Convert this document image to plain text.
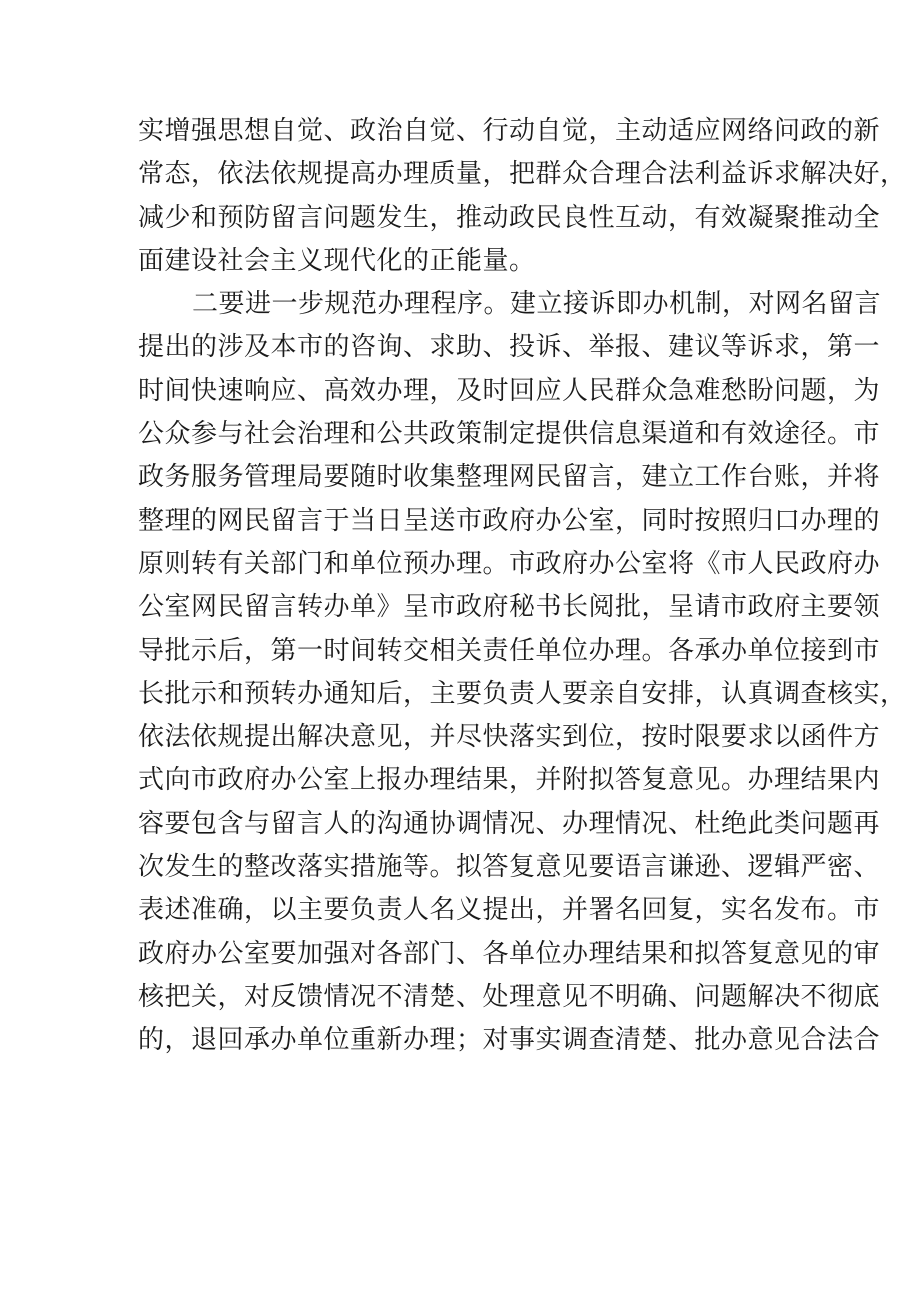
实增强思想自觉、政治自觉、行动自觉，主动适应网络问政的新
常态，依法依规提高办理质量，把群众合理合法利益诉求解决好，
减少和预防留言问题发生，推动政民良性互动，有效凝聚推动全
面建设社会主义现代化的正能量。
二要进一步规范办理程序。建立接诉即办机制，对网名留言
提出的涉及本市的咨询、求助、投诉、举报、建议等诉求，第一
时间快速响应、高效办理，及时回应人民群众急难愁盼问题，为
公众参与社会治理和公共政策制定提供信息渠道和有效途径。市
政务服务管理局要随时收集整理网民留言，建立工作台账，并将
整理的网民留言于当日呈送市政府办公室，同时按照归口办理的
原则转有关部门和单位预办理。市政府办公室将《市人民政府办
公室网民留言转办单》呈市政府秘书长阅批，呈请市政府主要领
导批示后，第一时间转交相关责任单位办理。各承办单位接到市
长批示和预转办通知后，主要负责人要亲自安排，认真调查核实，
依法依规提出解决意见，并尽快落实到位，按时限要求以函件方
式向市政府办公室上报办理结果，并附拟答复意见。办理结果内
容要包含与留言人的沟通协调情况、办理情况、杜绝此类问题再
次发生的整改落实措施等。拟答复意见要语言谦逊、逻辑严密、
表述准确，以主要负责人名义提出，并署名回复，实名发布。市
政府办公室要加强对各部门、各单位办理结果和拟答复意见的审
核把关，对反馈情况不清楚、处理意见不明确、问题解决不彻底
的，退回承办单位重新办理；对事实调查清楚、批办意见合法合
